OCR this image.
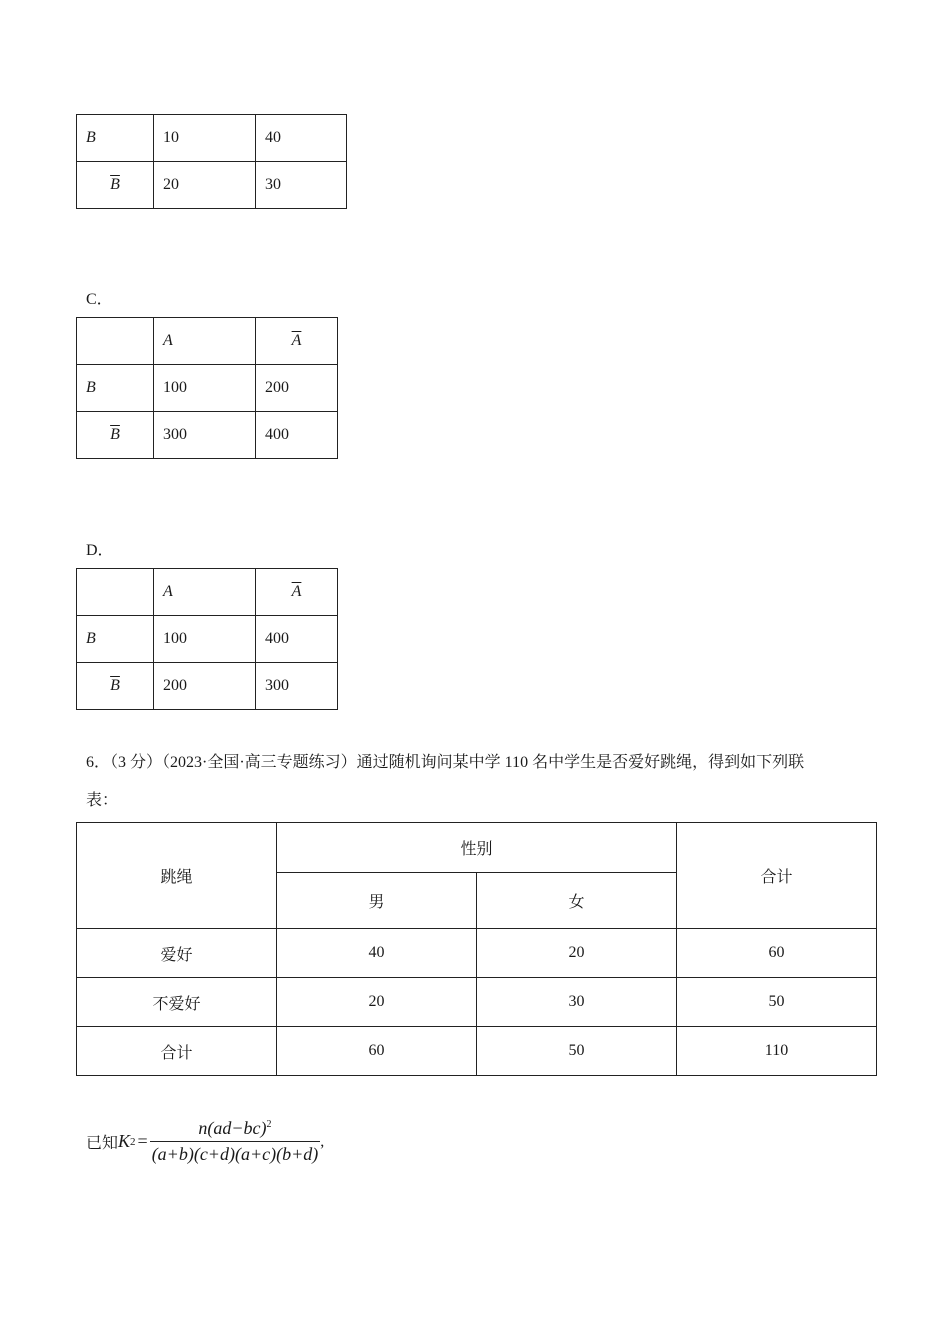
B	10	40
$\overline{B}$	20	30
C．
	A	$\overline{A}$
B	100	200
$\overline{B}$	300	400
D．
	A	$\overline{A}$
B	100	400
$\overline{B}$	200	300
6．（3 分）（2023·全国·高三专题练习）通过随机询问某中学 110 名中学生是否爱好跳绳，得到如下列联
表：
跳绳	性别		合计
	男	女	
爱好	40	20	60
不爱好	20	30	50
合计	60	50	110
已知 K $2 = \frac{n(ad-bc)^2}{(a+b)(c+d)(a+c)(b+d)}$ ,
